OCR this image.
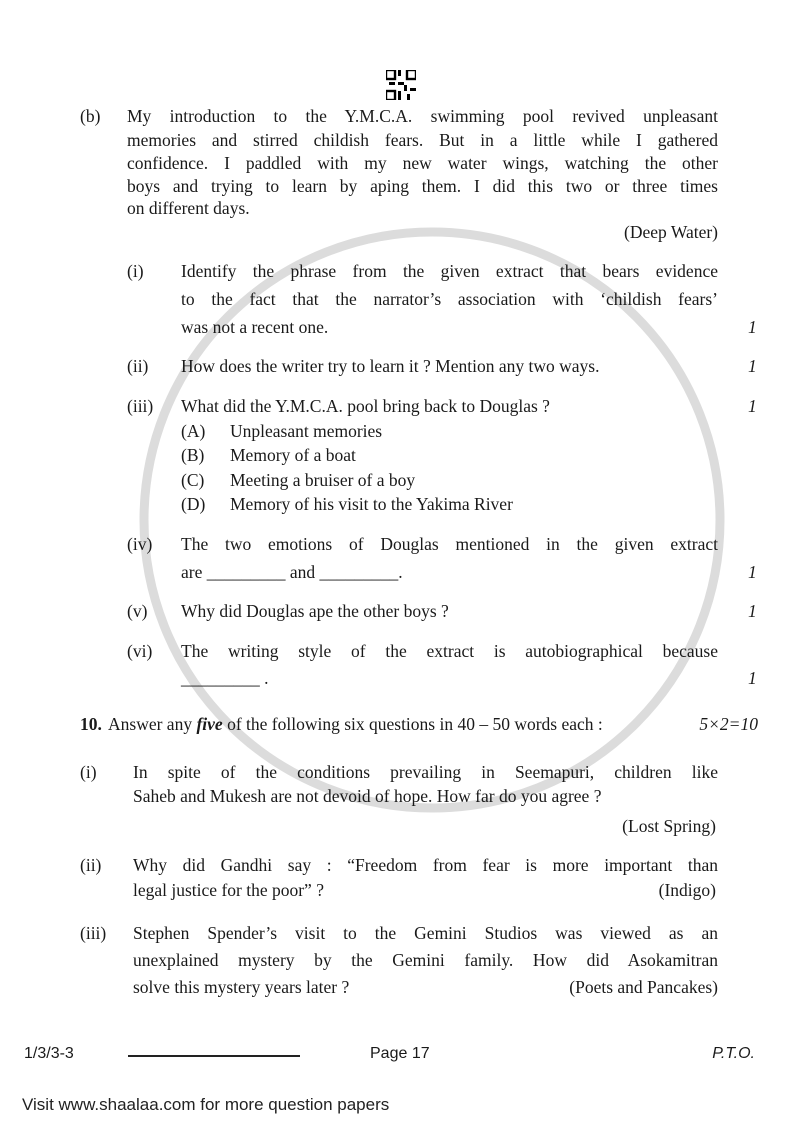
(b) My introduction to the Y.M.C.A. swimming pool revived unpleasant
memories and stirred childish fears. But in a little while I gathered
confidence. I paddled with my new water wings, watching the other
boys and trying to learn by aping them. I did this two or three times
on different days.
(Deep Water)
(i) Identify the phrase from the given extract that bears evidence
to the fact that the narrator’s association with ‘childish fears’
was not a recent one.	1
(ii) How does the writer try to learn it ? Mention any two ways.	1
(iii) What did the Y.M.C.A. pool bring back to Douglas ?	1
(A) Unpleasant memories
(B) Memory of a boat
(C) Meeting a bruiser of a boy
(D) Memory of his visit to the Yakima River
(iv) The two emotions of Douglas mentioned in the given extract
are _________ and _________.	1
(v) Why did Douglas ape the other boys ?	1
(vi) The writing style of the extract is autobiographical because
_________ .	1
10. Answer any five of the following six questions in 40 – 50 words each :	5×2=10
(i) In spite of the conditions prevailing in Seemapuri, children like
Saheb and Mukesh are not devoid of hope. How far do you agree ?
(Lost Spring)
(ii) Why did Gandhi say : “Freedom from fear is more important than
legal justice for the poor” ?	(Indigo)
(iii) Stephen Spender’s visit to the Gemini Studios was viewed as an
unexplained mystery by the Gemini family. How did Asokamitran
solve this mystery years later ?	(Poets and Pancakes)
1/3/3-3	Page 17	P.T.O.
Visit www.shaalaa.com for more question papers
